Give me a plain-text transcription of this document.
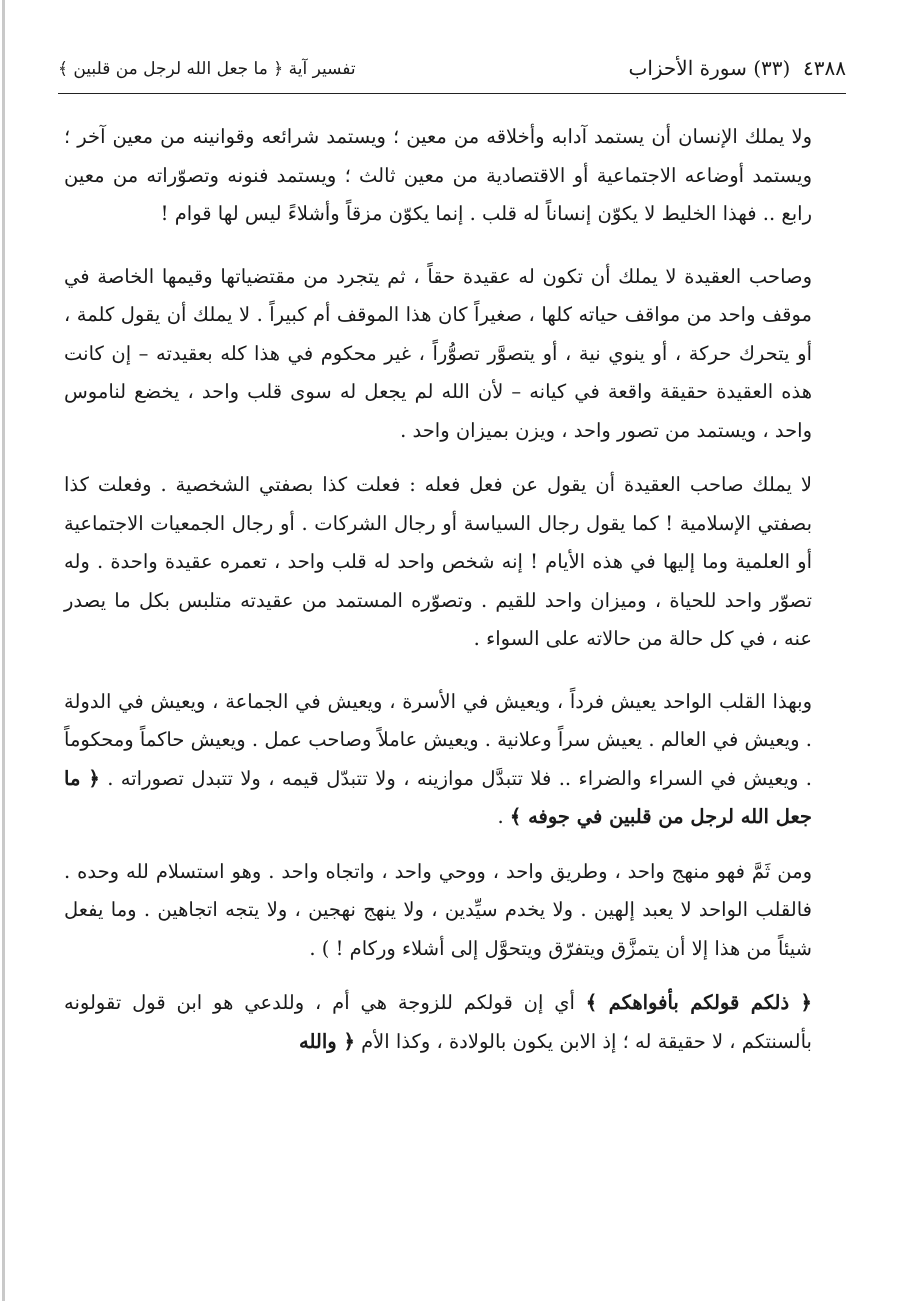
٤٣٨٨  (٣٣) سورة الأحزاب
تفسير آية ﴿ ما جعل الله لرجل من قلبين ﴾

ولا يملك الإنسان أن يستمد آدابه وأخلاقه من معين ؛ ويستمد شرائعه وقوانينه من معين آخر ؛ ويستمد أوضاعه الاجتماعية أو الاقتصادية من معين ثالث ؛ ويستمد فنونه وتصوّراته من معين رابع .. فهذا الخليط لا يكوّن إنساناً له قلب . إنما يكوّن مزقاً وأشلاءً ليس لها قوام !

وصاحب العقيدة لا يملك أن تكون له عقيدة حقاً ، ثم يتجرد من مقتضياتها وقيمها الخاصة في موقف واحد من مواقف حياته كلها ، صغيراً كان هذا الموقف أم كبيراً . لا يملك أن يقول كلمة ، أو يتحرك حركة ، أو ينوي نية ، أو يتصوَّر تصوُّراً ، غير محكوم في هذا كله بعقيدته – إن كانت هذه العقيدة حقيقة واقعة في كيانه – لأن الله لم يجعل له سوى قلب واحد ، يخضع لناموس واحد ، ويستمد من تصور واحد ، ويزن بميزان واحد .

لا يملك صاحب العقيدة أن يقول عن فعل فعله : فعلت كذا بصفتي الشخصية . وفعلت كذا بصفتي الإسلامية ! كما يقول رجال السياسة أو رجال الشركات . أو رجال الجمعيات الاجتماعية أو العلمية وما إليها في هذه الأيام ! إنه شخص واحد له قلب واحد ، تعمره عقيدة واحدة . وله تصوّر واحد للحياة ، وميزان واحد للقيم . وتصوّره المستمد من عقيدته متلبس بكل ما يصدر عنه ، في كل حالة من حالاته على السواء .

وبهذا القلب الواحد يعيش فرداً ، ويعيش في الأسرة ، ويعيش في الجماعة ، ويعيش في الدولة . ويعيش في العالم . يعيش سراً وعلانية . ويعيش عاملاً وصاحب عمل . ويعيش حاكماً ومحكوماً . ويعيش في السراء والضراء .. فلا تتبدَّل موازينه ، ولا تتبدّل قيمه ، ولا تتبدل تصوراته . ﴿ ما جعل الله لرجل من قلبين في جوفه ﴾ .

ومن ثَمَّ فهو منهج واحد ، وطريق واحد ، ووحي واحد ، واتجاه واحد . وهو استسلام لله وحده . فالقلب الواحد لا يعبد إلهين . ولا يخدم سيِّدين ، ولا ينهج نهجين ، ولا يتجه اتجاهين . وما يفعل شيئاً من هذا إلا أن يتمزَّق ويتفرّق ويتحوَّل إلى أشلاء وركام ! ) .

﴿ ذلكم قولكم بأفواهكم ﴾ أي إن قولكم للزوجة هي أم ، وللدعي هو ابن قول تقولونه بألسنتكم ، لا حقيقة له ؛ إذ الابن يكون بالولادة ، وكذا الأم ﴿ والله
